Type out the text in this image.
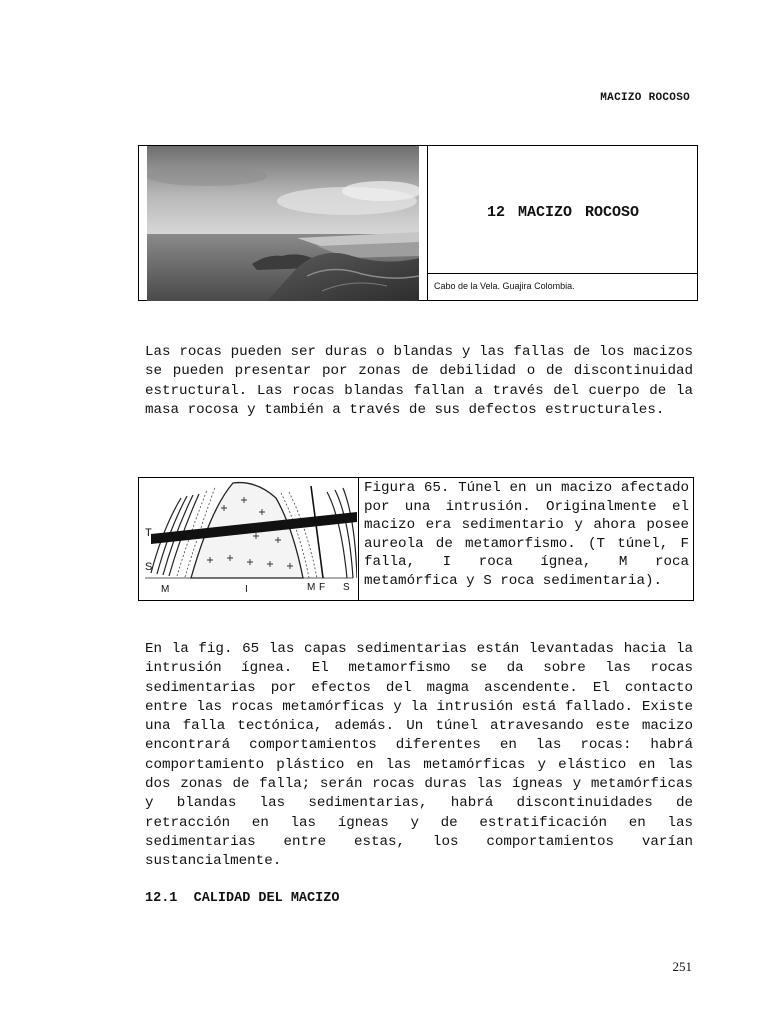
MACIZO ROCOSO
12 MACIZO ROCOSO
Cabo de la Vela. Guajira Colombia.

Las rocas pueden ser duras o blandas y las fallas de los macizos se pueden presentar por zonas de debilidad o de discontinuidad estructural. Las rocas blandas fallan a través del cuerpo de la masa rocosa y también a través de sus defectos estructurales.

T
S
M	I	M F S
Figura 65. Túnel en un macizo afectado por una intrusión. Originalmente el macizo era sedimentario y ahora posee aureola de metamorfismo. (T túnel, F falla, I roca ígnea, M roca metamórfica y S roca sedimentaria).

En la fig. 65 las capas sedimentarias están levantadas hacia la intrusión ígnea. El metamorfismo se da sobre las rocas sedimentarias por efectos del magma ascendente. El contacto entre las rocas metamórficas y la intrusión está fallado. Existe una falla tectónica, además. Un túnel atravesando este macizo encontrará comportamientos diferentes en las rocas: habrá comportamiento plástico en las metamórficas y elástico en las dos zonas de falla; serán rocas duras las ígneas y metamórficas y blandas las sedimentarias, habrá discontinuidades de retracción en las ígneas y de estratificación en las sedimentarias entre estas, los comportamientos varían sustancialmente.

12.1  CALIDAD DEL MACIZO
251
